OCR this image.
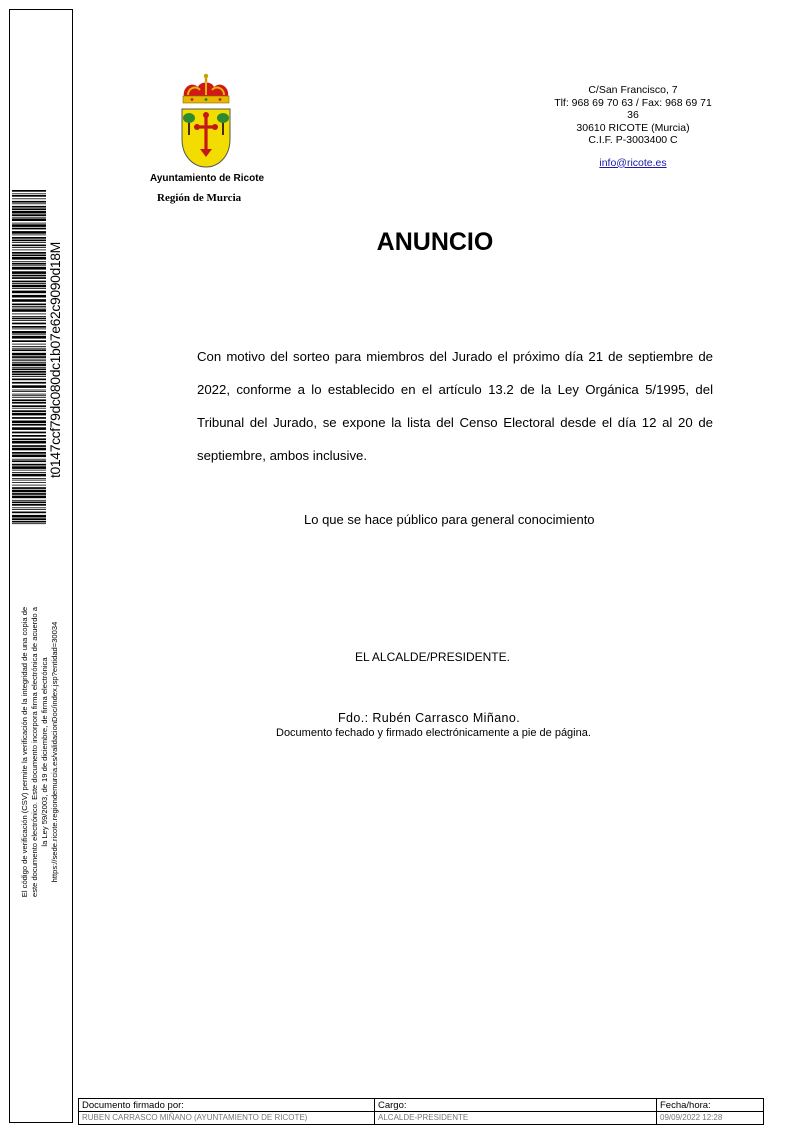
t0147ccf79dc080dc1b07e62c9090d18M
El código de verificación (CSV) permite la verificación de la integridad de una copia de
este documento electrónico. Este documento incorpora firma electrónica de acuerdo a
la Ley 59/2003, de 19 de diciembre, de firma electrónica
https://sede.ricote.regiondemurcia.es/validacionDoc/index.jsp?entidad=30034
Ayuntamiento de Ricote
Región de Murcia
C/San Francisco, 7
Tlf: 968 69 70 63 / Fax: 968 69 71 36
30610 RICOTE (Murcia)
C.I.F. P-3003400 C
info@ricote.es
ANUNCIO
Con motivo del sorteo para miembros del Jurado el próximo día 21 de septiembre de 2022, conforme a lo establecido en el artículo 13.2 de la Ley Orgánica 5/1995, del Tribunal del Jurado, se expone la lista del Censo Electoral desde el día 12 al 20 de septiembre, ambos inclusive.
Lo que se hace público para general conocimiento
EL ALCALDE/PRESIDENTE.
Fdo.: Rubén Carrasco Miñano.
Documento fechado y firmado electrónicamente a pie de página.
Documento firmado por:
RUBEN CARRASCO MIÑANO (AYUNTAMIENTO DE RICOTE)
Cargo:
ALCALDE-PRESIDENTE
Fecha/hora:
09/09/2022 12:28
